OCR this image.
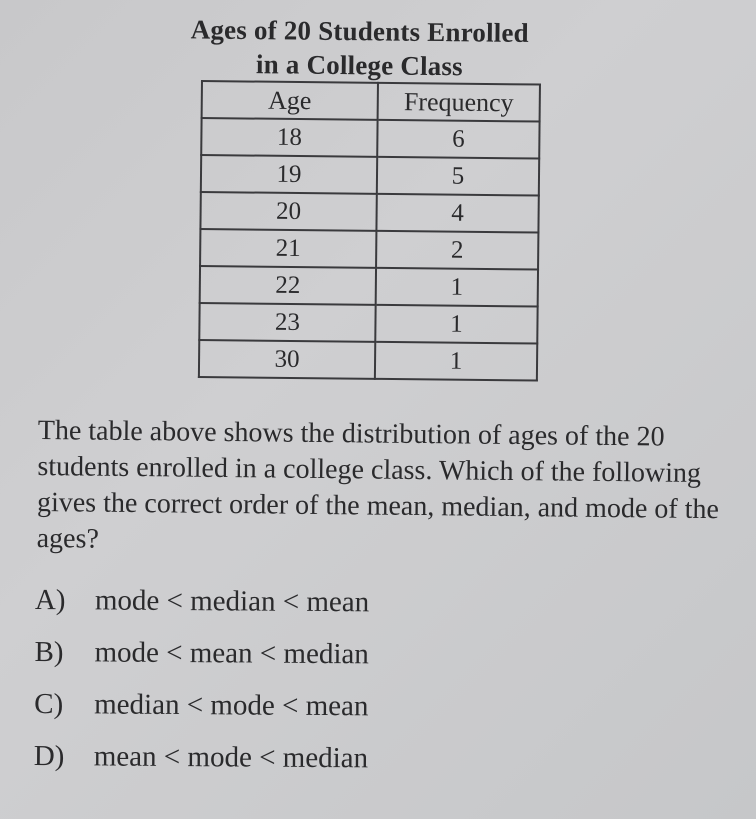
Ages of 20 Students Enrolled
in a College Class
Age	Frequency
18	6
19	5
20	4
21	2
22	1
23	1
30	1
The table above shows the distribution of ages of the 20 students enrolled in a college class. Which of the following gives the correct order of the mean, median, and mode of the ages?
A)	mode < median < mean
B)	mode < mean < median
C)	median < mode < mean
D)	mean < mode < median
